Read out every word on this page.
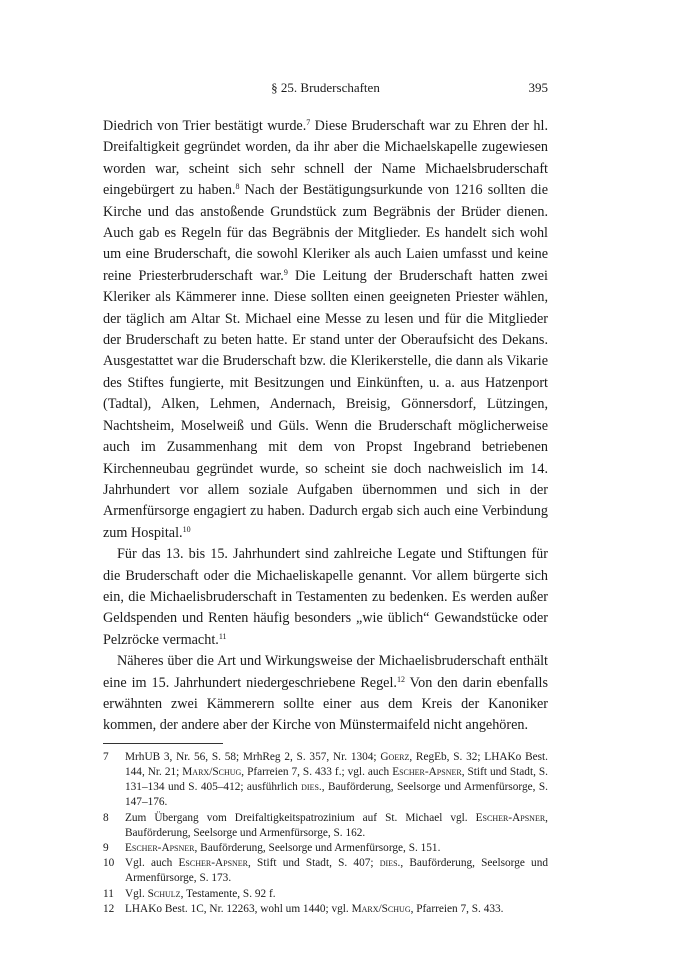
§ 25. Bruderschaften	395

Diedrich von Trier bestätigt wurde.$^7$ Diese Bruderschaft war zu Ehren der hl. Dreifaltigkeit gegründet worden, da ihr aber die Michaelskapelle zugewiesen worden war, scheint sich sehr schnell der Name Michaelsbruderschaft eingebürgert zu haben.$^8$ Nach der Bestätigungsurkunde von 1216 sollten die Kirche und das anstoßende Grundstück zum Begräbnis der Brüder dienen. Auch gab es Regeln für das Begräbnis der Mitglieder. Es handelt sich wohl um eine Bruderschaft, die sowohl Kleriker als auch Laien umfasst und keine reine Priesterbruderschaft war.$^9$ Die Leitung der Bruderschaft hatten zwei Kleriker als Kämmerer inne. Diese sollten einen geeigneten Priester wählen, der täglich am Altar St. Michael eine Messe zu lesen und für die Mitglieder der Bruderschaft zu beten hatte. Er stand unter der Oberaufsicht des Dekans. Ausgestattet war die Bruderschaft bzw. die Klerikerstelle, die dann als Vikarie des Stiftes fungierte, mit Besitzungen und Einkünften, u. a. aus Hatzenport (Tadtal), Alken, Lehmen, Andernach, Breisig, Gönnersdorf, Lützingen, Nachtsheim, Moselweiß und Güls. Wenn die Bruderschaft möglicherweise auch im Zusammenhang mit dem von Propst Ingebrand betriebenen Kirchenneubau gegründet wurde, so scheint sie doch nachweislich im 14. Jahrhundert vor allem soziale Aufgaben übernommen und sich in der Armenfürsorge engagiert zu haben. Dadurch ergab sich auch eine Verbindung zum Hospital.$^{10}$

Für das 13. bis 15. Jahrhundert sind zahlreiche Legate und Stiftungen für die Bruderschaft oder die Michaeliskapelle genannt. Vor allem bürgerte sich ein, die Michaelisbruderschaft in Testamenten zu bedenken. Es werden außer Geldspenden und Renten häufig besonders „wie üblich“ Gewandstücke oder Pelzröcke vermacht.$^{11}$

Näheres über die Art und Wirkungsweise der Michaelisbruderschaft enthält eine im 15. Jahrhundert niedergeschriebene Regel.$^{12}$ Von den darin ebenfalls erwähnten zwei Kämmerern sollte einer aus dem Kreis der Kanoniker kommen, der andere aber der Kirche von Münstermaifeld nicht angehören.

7	MrhUB 3, Nr. 56, S. 58; MrhReg 2, S. 357, Nr. 1304; Goerz, RegEb, S. 32; LHAKo Best. 144, Nr. 21; Marx/Schug, Pfarreien 7, S. 433 f.; vgl. auch Escher-Apsner, Stift und Stadt, S. 131–134 und S. 405–412; ausführlich dies., Bauförderung, Seelsorge und Armenfürsorge, S. 147–176.
8	Zum Übergang vom Dreifaltigkeitspatrozinium auf St. Michael vgl. Escher-Apsner, Bauförderung, Seelsorge und Armenfürsorge, S. 162.
9	Escher-Apsner, Bauförderung, Seelsorge und Armenfürsorge, S. 151.
10 Vgl. auch Escher-Apsner, Stift und Stadt, S. 407; dies., Bauförderung, Seelsorge und Armenfürsorge, S. 173.
11 Vgl. Schulz, Testamente, S. 92 f.
12 LHAKo Best. 1C, Nr. 12263, wohl um 1440; vgl. Marx/Schug, Pfarreien 7, S. 433.
